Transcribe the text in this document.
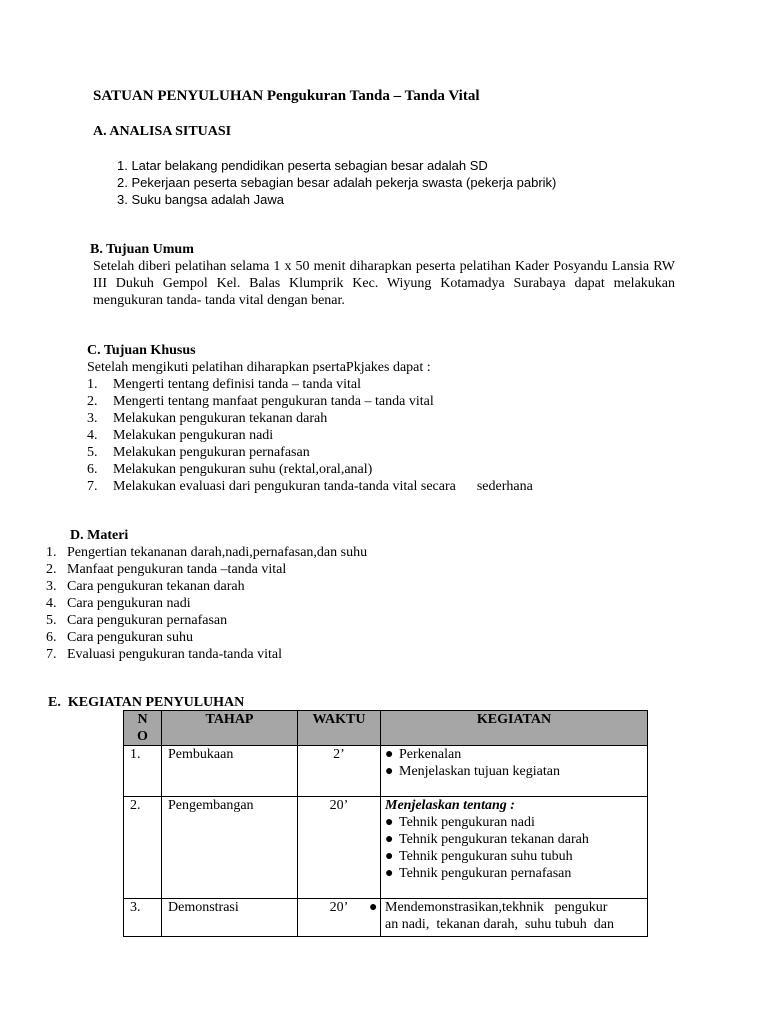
SATUAN PENYULUHAN Pengukuran Tanda – Tanda Vital
A. ANALISA SITUASI
1. Latar belakang pendidikan peserta sebagian besar adalah SD
2. Pekerjaan peserta sebagian besar adalah pekerja swasta (pekerja pabrik)
3. Suku bangsa adalah Jawa
B. Tujuan Umum
Setelah diberi pelatihan selama 1 x 50 menit diharapkan peserta pelatihan Kader Posyandu Lansia RW III Dukuh Gempol Kel. Balas Klumprik Kec. Wiyung Kotamadya Surabaya dapat melakukan mengukuran tanda- tanda vital dengan benar.
C. Tujuan Khusus
Setelah mengikuti pelatihan diharapkan psertaPkjakes dapat :
1. Mengerti tentang definisi tanda – tanda vital
2. Mengerti tentang manfaat pengukuran tanda – tanda vital
3. Melakukan pengukuran tekanan darah
4. Melakukan pengukuran nadi
5. Melakukan pengukuran pernafasan
6. Melakukan pengukuran suhu (rektal,oral,anal)
7. Melakukan evaluasi dari pengukuran tanda-tanda vital secara      sederhana
D. Materi
1. Pengertian tekananan darah,nadi,pernafasan,dan suhu
2. Manfaat pengukuran tanda –tanda vital
3. Cara pengukuran tekanan darah
4. Cara pengukuran nadi
5. Cara pengukuran pernafasan
6. Cara pengukuran suhu
7. Evaluasi pengukuran tanda-tanda vital
E.  KEGIATAN PENYULUHAN
N
O	TAHAP	WAKTU	KEGIATAN
1.	Pembukaan	2’	● Perkenalan
● Menjelaskan tujuan kegiatan

2.	Pengembangan	20’	Menjelaskan tentang :
● Tehnik pengukuran nadi
● Tehnik pengukuran tekanan darah
● Tehnik pengukuran suhu tubuh
● Tehnik pengukuran pernafasan

3.	Demonstrasi	20’	● Mendemonstrasikan,tekhnik   pengukur
an nadi,  tekanan darah,  suhu tubuh  dan
